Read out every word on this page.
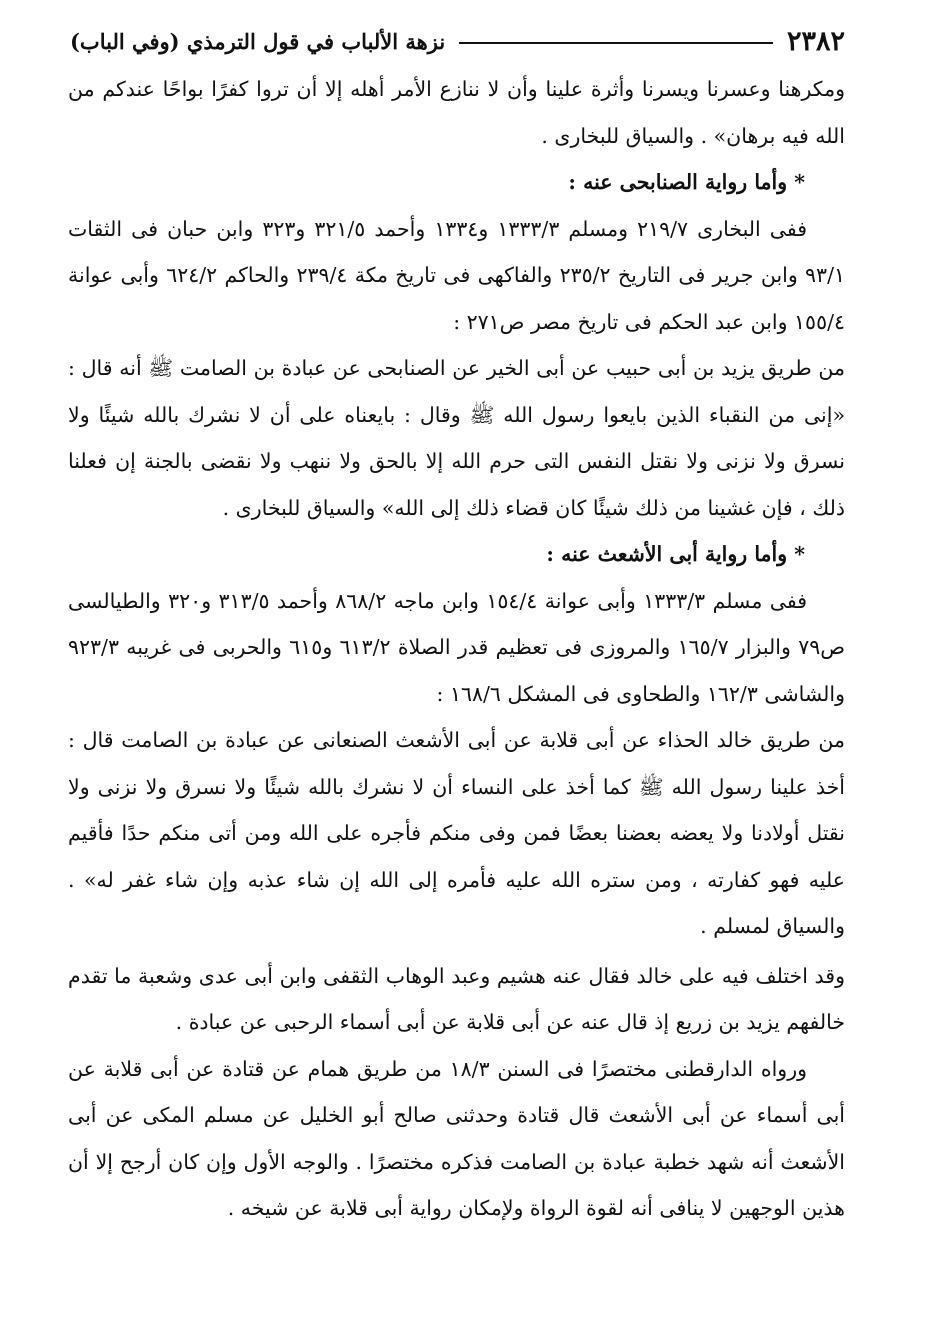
٢٣٨٢
نزهة الألباب في قول الترمذي (وفي الباب)

ومكرهنا وعسرنا ويسرنا وأثرة علينا وأن لا ننازع الأمر أهله إلا أن تروا كفرًا بواحًا عندكم من الله فيه برهان» . والسياق للبخارى .

* وأما رواية الصنابحى عنه :

ففى البخارى ٢١٩/٧ ومسلم ١٣٣٣/٣ و١٣٣٤ وأحمد ٣٢١/٥ و٣٢٣ وابن حبان فى الثقات ٩٣/١ وابن جرير فى التاريخ ٢٣٥/٢ والفاكهى فى تاريخ مكة ٢٣٩/٤ والحاكم ٦٢٤/٢ وأبى عوانة ١٥٥/٤ وابن عبد الحكم فى تاريخ مصر ص٢٧١ :

من طريق يزيد بن أبى حبيب عن أبى الخير عن الصنابحى عن عبادة بن الصامت ﷺ أنه قال : «إنى من النقباء الذين بايعوا رسول الله ﷺ وقال : بايعناه على أن لا نشرك بالله شيئًا ولا نسرق ولا نزنى ولا نقتل النفس التى حرم الله إلا بالحق ولا ننهب ولا نقضى بالجنة إن فعلنا ذلك ، فإن غشينا من ذلك شيئًا كان قضاء ذلك إلى الله» والسياق للبخارى .

* وأما رواية أبى الأشعث عنه :

ففى مسلم ١٣٣٣/٣ وأبى عوانة ١٥٤/٤ وابن ماجه ٨٦٨/٢ وأحمد ٣١٣/٥ و٣٢٠ والطيالسى ص٧٩ والبزار ١٦٥/٧ والمروزى فى تعظيم قدر الصلاة ٦١٣/٢ و٦١٥ والحربى فى غريبه ٩٢٣/٣ والشاشى ١٦٢/٣ والطحاوى فى المشكل ١٦٨/٦ :

من طريق خالد الحذاء عن أبى قلابة عن أبى الأشعث الصنعانى عن عبادة بن الصامت قال : أخذ علينا رسول الله ﷺ كما أخذ على النساء أن لا نشرك بالله شيئًا ولا نسرق ولا نزنى ولا نقتل أولادنا ولا يعضه بعضنا بعضًا فمن وفى منكم فأجره على الله ومن أتى منكم حدًا فأقيم عليه فهو كفارته ، ومن ستره الله عليه فأمره إلى الله إن شاء عذبه وإن شاء غفر له» . والسياق لمسلم .

وقد اختلف فيه على خالد فقال عنه هشيم وعبد الوهاب الثقفى وابن أبى عدى وشعبة ما تقدم خالفهم يزيد بن زريع إذ قال عنه عن أبى قلابة عن أبى أسماء الرحبى عن عبادة .

ورواه الدارقطنى مختصرًا فى السنن ١٨/٣ من طريق همام عن قتادة عن أبى قلابة عن أبى أسماء عن أبى الأشعث قال قتادة وحدثنى صالح أبو الخليل عن مسلم المكى عن أبى الأشعث أنه شهد خطبة عبادة بن الصامت فذكره مختصرًا . والوجه الأول وإن كان أرجح إلا أن هذين الوجهين لا ينافى أنه لقوة الرواة ولإمكان رواية أبى قلابة عن شيخه .
